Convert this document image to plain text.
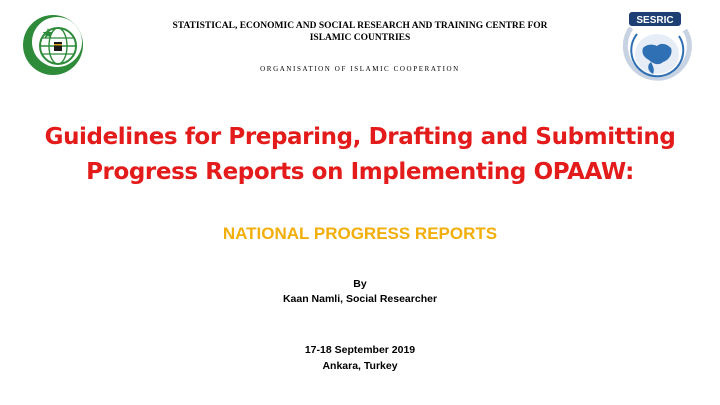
STATISTICAL, ECONOMIC AND SOCIAL RESEARCH AND TRAINING CENTRE FOR
ISLAMIC COUNTRIES
ORGANISATION OF ISLAMIC COOPERATION
SESRIC
Guidelines for Preparing, Drafting and Submitting
Progress Reports on Implementing OPAAW:
NATIONAL PROGRESS REPORTS
By
Kaan Namli, Social Researcher
17-18 September 2019
Ankara, Turkey
